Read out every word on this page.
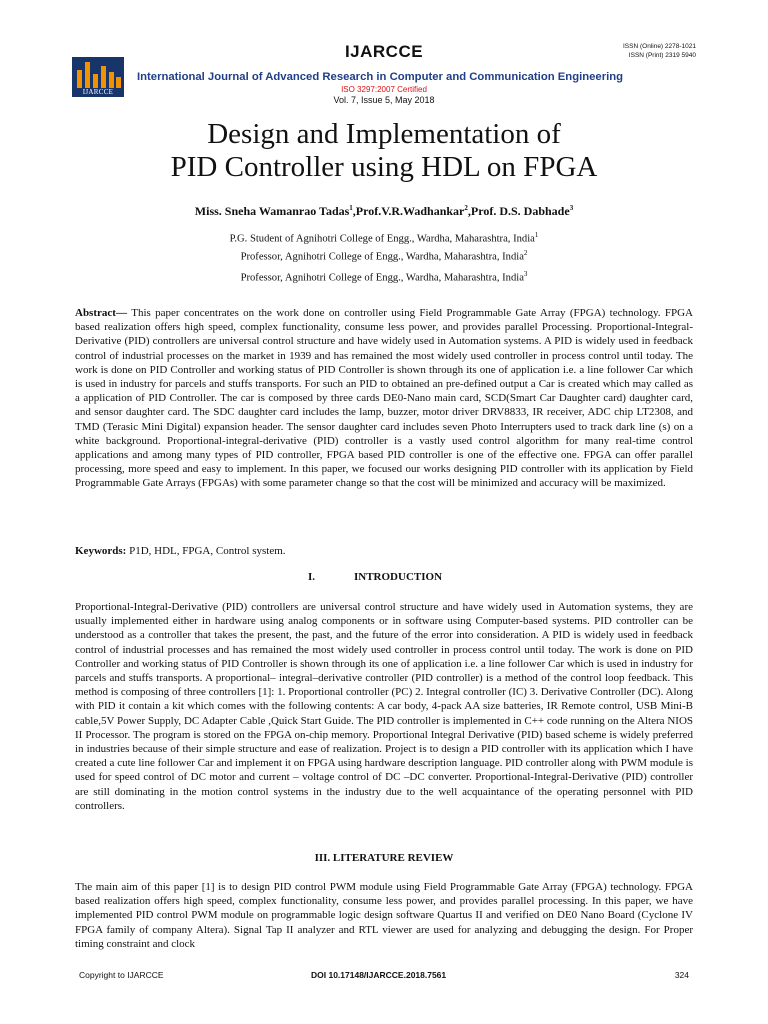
IJARCCE	ISSN (Online) 2278-1021
ISSN (Print) 2319 5940
IJARCCE
International Journal of Advanced Research in Computer and Communication Engineering
ISO 3297:2007 Certified
Vol. 7, Issue 5, May 2018
Design and Implementation of
PID Controller using HDL on FPGA
Miss. Sneha Wamanrao Tadas$^1$,Prof.V.R.Wadhankar$^2$,Prof. D.S. Dabhade$^3$
P.G. Student of Agnihotri College of Engg., Wardha, Maharashtra, India$^1$
Professor, Agnihotri College of Engg., Wardha, Maharashtra, India$^2$
Professor, Agnihotri College of Engg., Wardha, Maharashtra, India$^3$

Abstract— This paper concentrates on the work done on controller using Field Programmable Gate Array (FPGA) technology. FPGA based realization offers high speed, complex functionality, consume less power, and provides parallel Processing. Proportional-Integral-Derivative (PID) controllers are universal control structure and have widely used in Automation systems. A PID is widely used in feedback control of industrial processes on the market in 1939 and has remained the most widely used controller in process control until today. The work is done on PID Controller and working status of PID Controller is shown through its one of application i.e. a line follower Car which is used in industry for parcels and stuffs transports. For such an PID to obtained an pre-defined output a Car is created which may called as a application of PID Controller. The car is composed by three cards DE0-Nano main card, SCD(Smart Car Daughter card) daughter card, and sensor daughter card. The SDC daughter card includes the lamp, buzzer, motor driver DRV8833, IR receiver, ADC chip LT2308, and TMD (Terasic Mini Digital) expansion header. The sensor daughter card includes seven Photo Interrupters used to track dark line (s) on a white background. Proportional-integral-derivative (PID) controller is a vastly used control algorithm for many real-time control applications and among many types of PID controller, FPGA based PID controller is one of the effective one. FPGA can offer parallel processing, more speed and easy to implement. In this paper, we focused our works designing PID controller with its application by Field Programmable Gate Arrays (FPGAs) with some parameter change so that the cost will be minimized and accuracy will be maximized.

Keywords: P1D, HDL, FPGA, Control system.

I.	INTRODUCTION

Proportional-Integral-Derivative (PID) controllers are universal control structure and have widely used in Automation systems, they are usually implemented either in hardware using analog components or in software using Computer-based systems. PID controller can be understood as a controller that takes the present, the past, and the future of the error into consideration. A PID is widely used in feedback control of industrial processes and has remained the most widely used controller in process control until today. The work is done on PID Controller and working status of PID Controller is shown through its one of application i.e. a line follower Car which is used in industry for parcels and stuffs transports. A proportional– integral–derivative controller (PID controller) is a method of the control loop feedback. This method is composing of three controllers [1]: 1. Proportional controller (PC) 2. Integral controller (IC) 3. Derivative Controller (DC). Along with PID it contain a kit which comes with the following contents: A car body, 4-pack AA size batteries, IR Remote control, USB Mini-B cable,5V Power Supply, DC Adapter Cable ,Quick Start Guide. The PID controller is implemented in C++ code running on the Altera NIOS II Processor. The program is stored on the FPGA on-chip memory. Proportional Integral Derivative (PID) based scheme is widely preferred in industries because of their simple structure and ease of realization. Project is to design a PID controller with its application which I have created a cute line follower Car and implement it on FPGA using hardware description language. PID controller along with PWM module is used for speed control of DC motor and current – voltage control of DC –DC converter. Proportional-Integral-Derivative (PID) controller are still dominating in the motion control systems in the industry due to the well acquaintance of the operating personnel with PID controllers.

III. LITERATURE REVIEW

The main aim of this paper [1] is to design PID control PWM module using Field Programmable Gate Array (FPGA) technology. FPGA based realization offers high speed, complex functionality, consume less power, and provides parallel processing. In this paper, we have implemented PID control PWM module on programmable logic design software Quartus II and verified on DE0 Nano Board (Cyclone IV FPGA family of company Altera). Signal Tap II analyzer and RTL viewer are used for analyzing and debugging the design. For Proper timing constraint and clock

Copyright to IJARCCE	DOI 10.17148/IJARCCE.2018.7561	324
